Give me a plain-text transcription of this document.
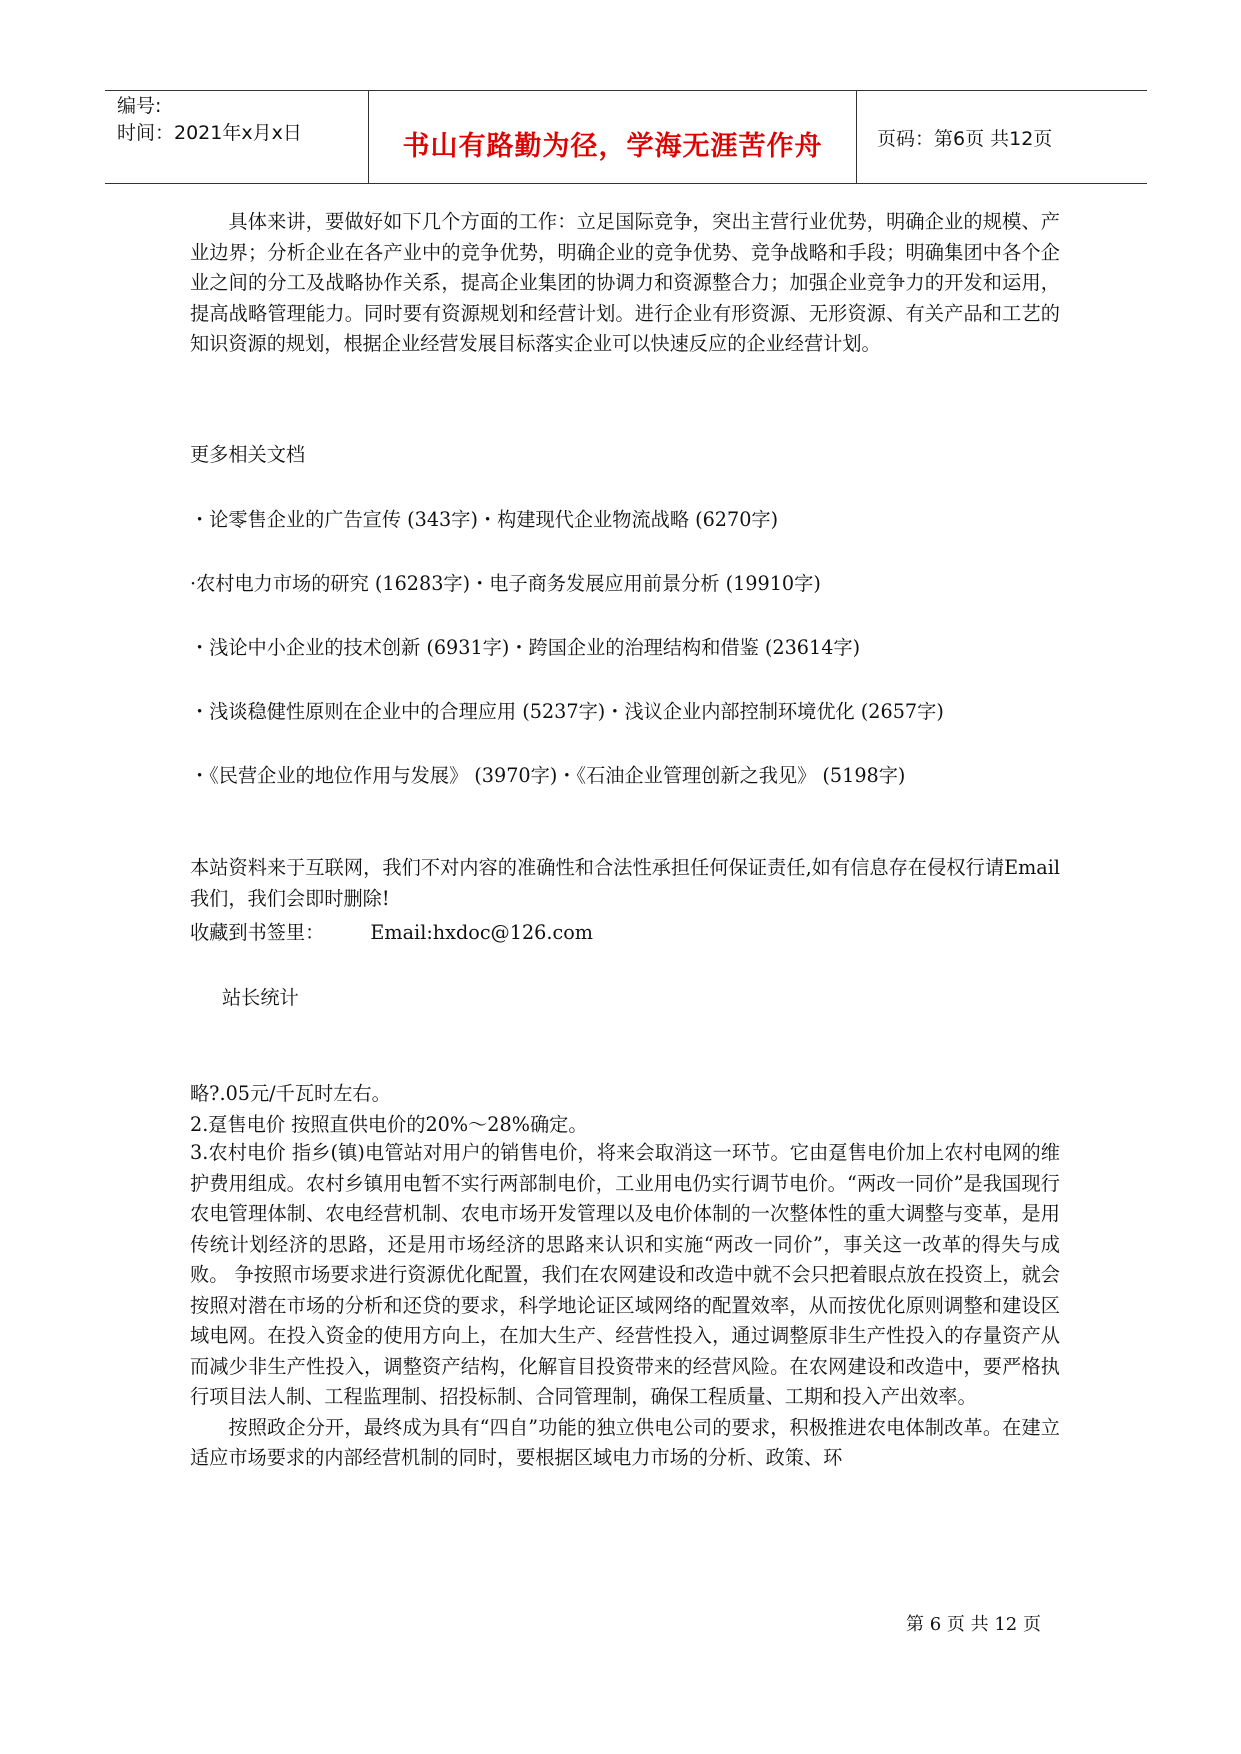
编号:
时间：2021年x月x日	书山有路勤为径，学海无涯苦作舟	页码：第6页 共12页

具体来讲，要做好如下几个方面的工作：立足国际竞争，突出主营行业优势，明确企业的规模、产业边界；分析企业在各产业中的竞争优势，明确企业的竞争优势、竞争战略和手段；明确集团中各个企业之间的分工及战略协作关系，提高企业集团的协调力和资源整合力；加强企业竞争力的开发和运用，提高战略管理能力。同时要有资源规划和经营计划。进行企业有形资源、无形资源、有关产品和工艺的知识资源的规划，根据企业经营发展目标落实企业可以快速反应的企业经营计划。

更多相关文档
・论零售企业的广告宣传 (343字)・构建现代企业物流战略 (6270字)
·农村电力市场的研究 (16283字)・电子商务发展应用前景分析 (19910字)
・浅论中小企业的技术创新 (6931字)・跨国企业的治理结构和借鉴 (23614字)
・浅谈稳健性原则在企业中的合理应用 (5237字)・浅议企业内部控制环境优化 (2657字)
・《民营企业的地位作用与发展》 (3970字)・《石油企业管理创新之我见》 (5198字)

本站资料来于互联网，我们不对内容的准确性和合法性承担任何保证责任,如有信息存在侵权行请Email我们，我们会即时删除!

收藏到书签里： Email:hxdoc@126.com
站长统计
略?.05元/千瓦时左右。
2.趸售电价 按照直供电价的20%～28%确定。

3.农村电价 指乡(镇)电管站对用户的销售电价，将来会取消这一环节。它由趸售电价加上农村电网的维护费用组成。农村乡镇用电暂不实行两部制电价，工业用电仍实行调节电价。“两改一同价”是我国现行农电管理体制、农电经营机制、农电市场开发管理以及电价体制的一次整体性的重大调整与变革，是用传统计划经济的思路，还是用市场经济的思路来认识和实施“两改一同价”，事关这一改革的得失与成败。 争按照市场要求进行资源优化配置，我们在农网建设和改造中就不会只把着眼点放在投资上，就会按照对潜在市场的分析和还贷的要求，科学地论证区域网络的配置效率，从而按优化原则调整和建设区域电网。在投入资金的使用方向上，在加大生产、经营性投入，通过调整原非生产性投入的存量资产从而减少非生产性投入，调整资产结构，化解盲目投资带来的经营风险。在农网建设和改造中，要严格执行项目法人制、工程监理制、招投标制、合同管理制，确保工程质量、工期和投入产出效率。

按照政企分开，最终成为具有“四自”功能的独立供电公司的要求，积极推进农电体制改革。在建立适应市场要求的内部经营机制的同时，要根据区域电力市场的分析、政策、环

第 6 页 共 12 页
